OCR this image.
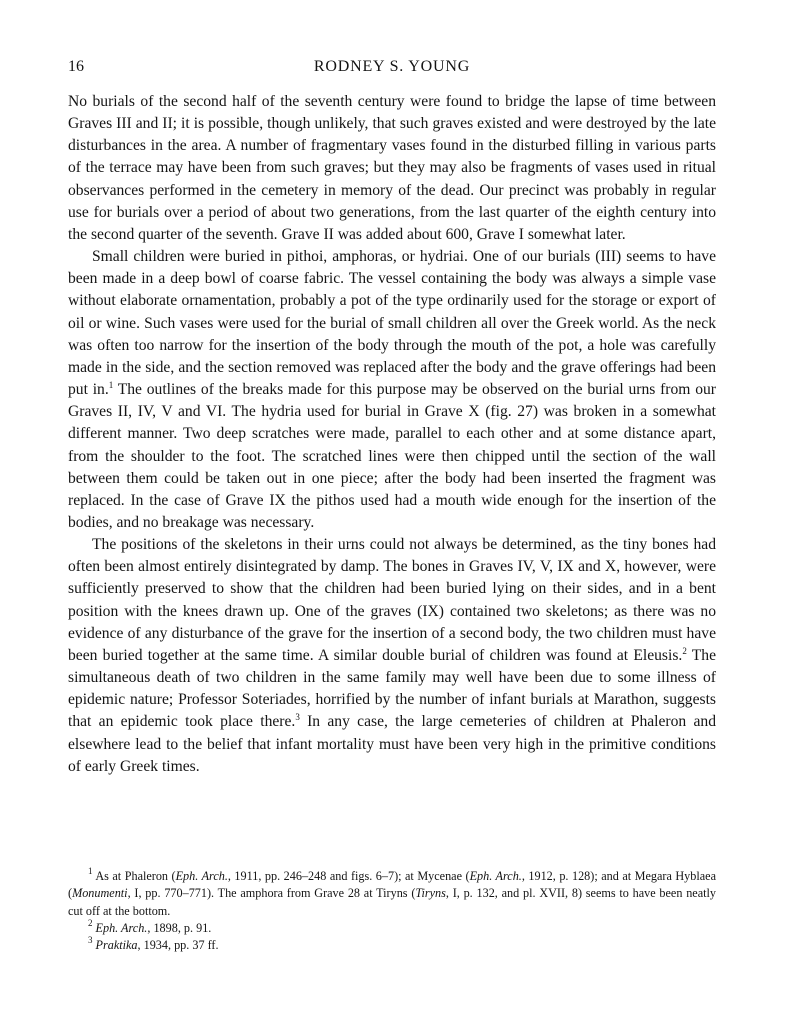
16	RODNEY S. YOUNG

No burials of the second half of the seventh century were found to bridge the lapse of time between Graves III and II; it is possible, though unlikely, that such graves existed and were destroyed by the late disturbances in the area. A number of fragmentary vases found in the disturbed filling in various parts of the terrace may have been from such graves; but they may also be fragments of vases used in ritual observances performed in the cemetery in memory of the dead. Our precinct was probably in regular use for burials over a period of about two generations, from the last quarter of the eighth century into the second quarter of the seventh. Grave II was added about 600, Grave I somewhat later.

Small children were buried in pithoi, amphoras, or hydriai. One of our burials (III) seems to have been made in a deep bowl of coarse fabric. The vessel containing the body was always a simple vase without elaborate ornamentation, probably a pot of the type ordinarily used for the storage or export of oil or wine. Such vases were used for the burial of small children all over the Greek world. As the neck was often too narrow for the insertion of the body through the mouth of the pot, a hole was carefully made in the side, and the section removed was replaced after the body and the grave offerings had been put in.$^1$ The outlines of the breaks made for this purpose may be observed on the burial urns from our Graves II, IV, V and VI. The hydria used for burial in Grave X (fig. 27) was broken in a somewhat different manner. Two deep scratches were made, parallel to each other and at some distance apart, from the shoulder to the foot. The scratched lines were then chipped until the section of the wall between them could be taken out in one piece; after the body had been inserted the fragment was replaced. In the case of Grave IX the pithos used had a mouth wide enough for the insertion of the bodies, and no breakage was necessary.

The positions of the skeletons in their urns could not always be determined, as the tiny bones had often been almost entirely disintegrated by damp. The bones in Graves IV, V, IX and X, however, were sufficiently preserved to show that the children had been buried lying on their sides, and in a bent position with the knees drawn up. One of the graves (IX) contained two skeletons; as there was no evidence of any disturbance of the grave for the insertion of a second body, the two children must have been buried together at the same time. A similar double burial of children was found at Eleusis.$^2$ The simultaneous death of two children in the same family may well have been due to some illness of epidemic nature; Professor Soteriades, horrified by the number of infant burials at Marathon, suggests that an epidemic took place there.$^3$ In any case, the large cemeteries of children at Phaleron and elsewhere lead to the belief that infant mortality must have been very high in the primitive conditions of early Greek times.

$^1$ As at Phaleron (Eph. Arch., 1911, pp. 246–248 and figs. 6–7); at Mycenae (Eph. Arch., 1912, p. 128); and at Megara Hyblaea (Monumenti, I, pp. 770–771). The amphora from Grave 28 at Tiryns (Tiryns, I, p. 132, and pl. XVII, 8) seems to have been neatly cut off at the bottom.

$^2$ Eph. Arch., 1898, p. 91.

$^3$ Praktika, 1934, pp. 37 ff.
